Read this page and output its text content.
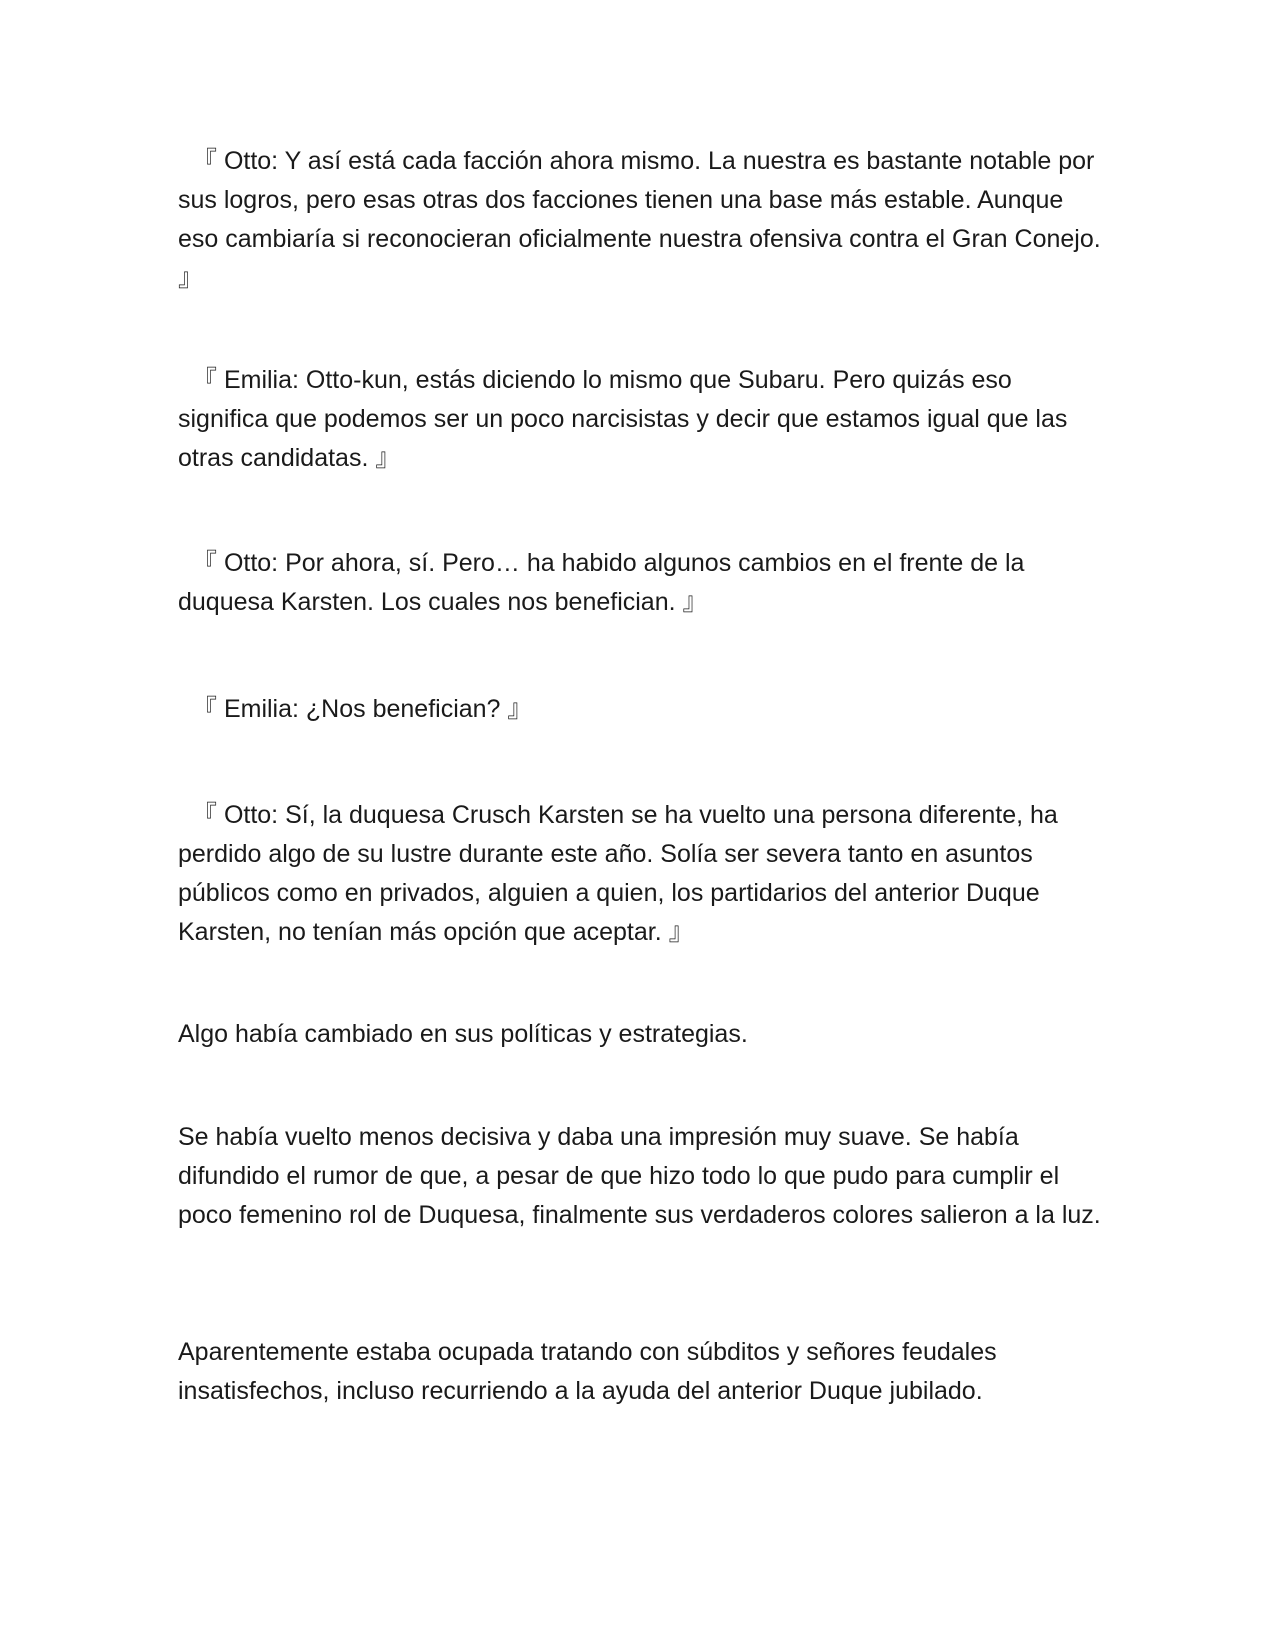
『 Otto: Y así está cada facción ahora mismo. La nuestra es bastante notable por sus logros, pero esas otras dos facciones tienen una base más estable. Aunque eso cambiaría si reconocieran oficialmente nuestra ofensiva contra el Gran Conejo. 』

『 Emilia: Otto-kun, estás diciendo lo mismo que Subaru. Pero quizás eso significa que podemos ser un poco narcisistas y decir que estamos igual que las otras candidatas. 』

『 Otto: Por ahora, sí. Pero… ha habido algunos cambios en el frente de la duquesa Karsten. Los cuales nos benefician. 』

『 Emilia: ¿Nos benefician? 』

『 Otto: Sí, la duquesa Crusch Karsten se ha vuelto una persona diferente, ha perdido algo de su lustre durante este año. Solía ser severa tanto en asuntos públicos como en privados, alguien a quien, los partidarios del anterior Duque Karsten, no tenían más opción que aceptar. 』

Algo había cambiado en sus políticas y estrategias.

Se había vuelto menos decisiva y daba una impresión muy suave. Se había difundido el rumor de que, a pesar de que hizo todo lo que pudo para cumplir el poco femenino rol de Duquesa, finalmente sus verdaderos colores salieron a la luz.

Aparentemente estaba ocupada tratando con súbditos y señores feudales insatisfechos, incluso recurriendo a la ayuda del anterior Duque jubilado.
